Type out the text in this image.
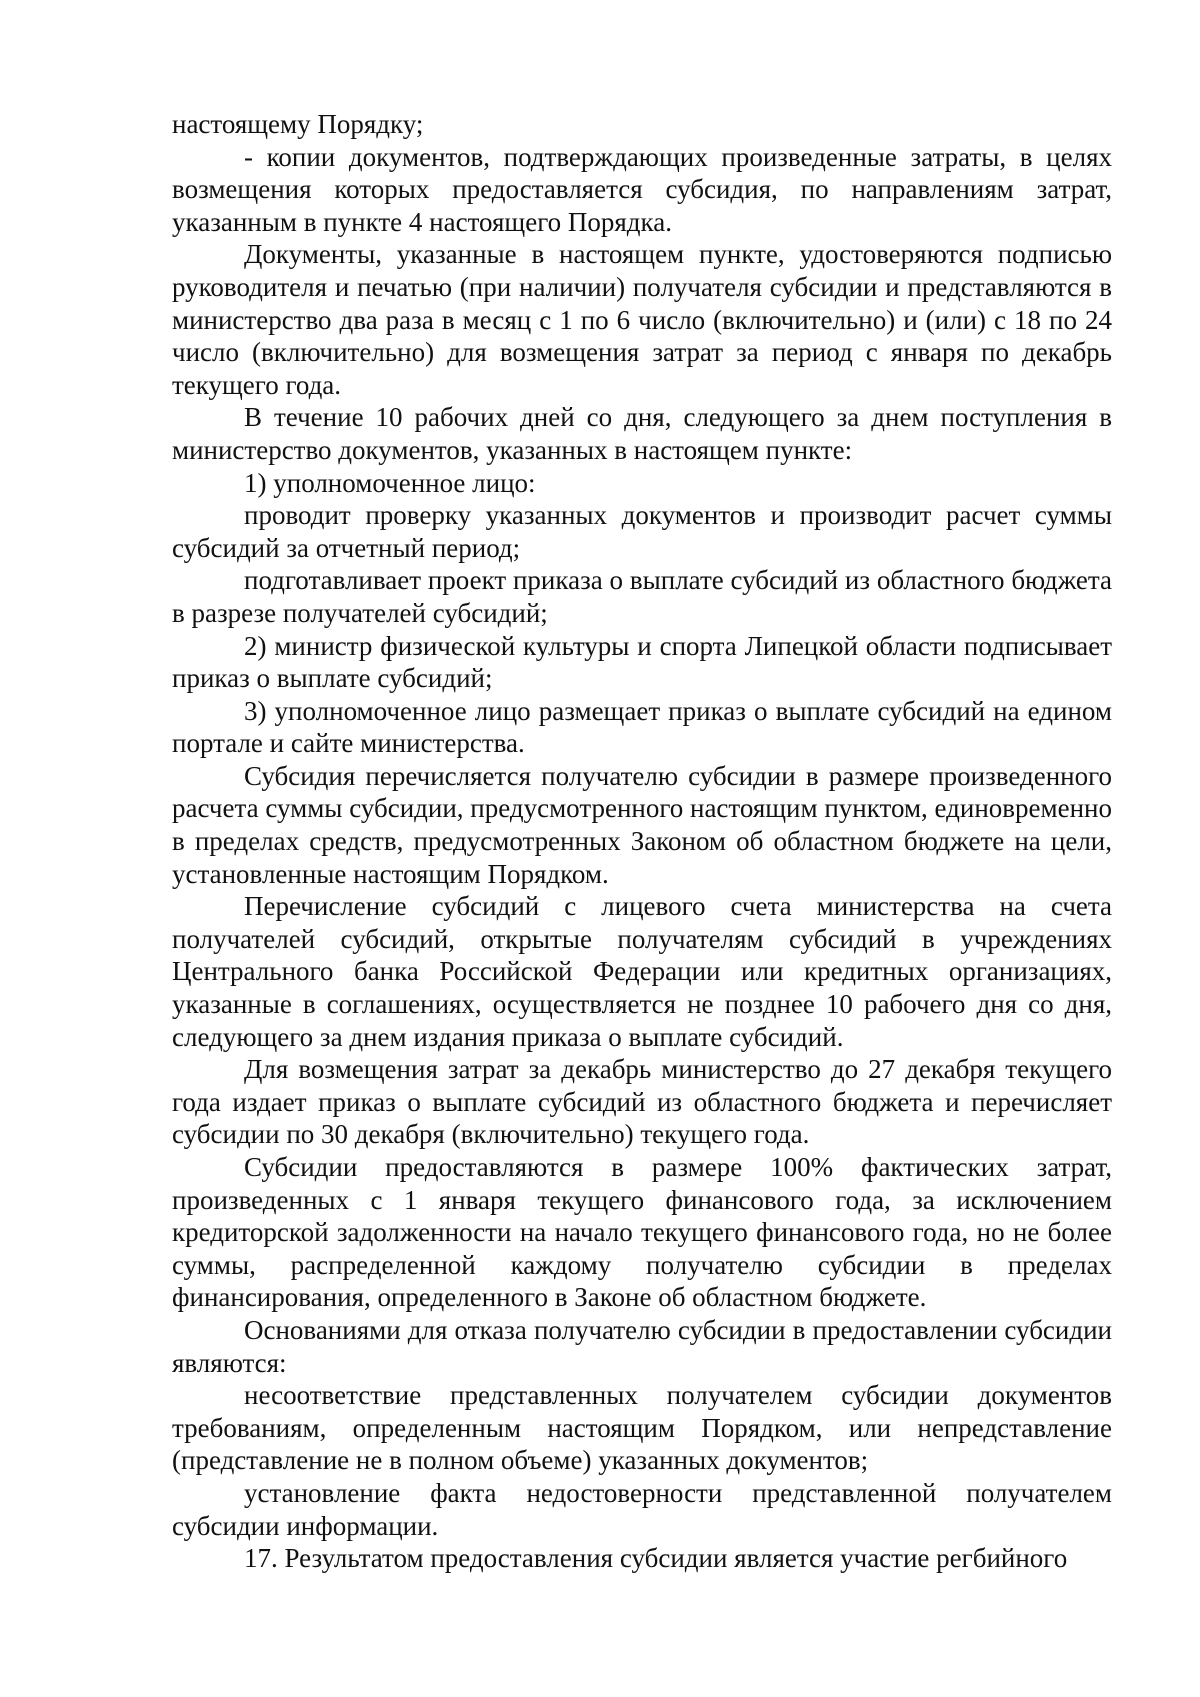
настоящему Порядку;

- копии документов, подтверждающих произведенные затраты, в целях возмещения которых предоставляется субсидия, по направлениям затрат, указанным в пункте 4 настоящего Порядка.

Документы, указанные в настоящем пункте, удостоверяются подписью руководителя и печатью (при наличии) получателя субсидии и представляются в министерство два раза в месяц с 1 по 6 число (включительно) и (или) с 18 по 24 число (включительно) для возмещения затрат за период с января по декабрь текущего года.

В течение 10 рабочих дней со дня, следующего за днем поступления в министерство документов, указанных в настоящем пункте:

1) уполномоченное лицо:

проводит проверку указанных документов и производит расчет суммы субсидий за отчетный период;

подготавливает проект приказа о выплате субсидий из областного бюджета в разрезе получателей субсидий;

2) министр физической культуры и спорта Липецкой области подписывает приказ о выплате субсидий;

3) уполномоченное лицо размещает приказ о выплате субсидий на едином портале и сайте министерства.

Субсидия перечисляется получателю субсидии в размере произведенного расчета суммы субсидии, предусмотренного настоящим пунктом, единовременно в пределах средств, предусмотренных Законом об областном бюджете на цели, установленные настоящим Порядком.

Перечисление субсидий с лицевого счета министерства на счета получателей субсидий, открытые получателям субсидий в учреждениях Центрального банка Российской Федерации или кредитных организациях, указанные в соглашениях, осуществляется не позднее 10 рабочего дня со дня, следующего за днем издания приказа о выплате субсидий.

Для возмещения затрат за декабрь министерство до 27 декабря текущего года издает приказ о выплате субсидий из областного бюджета и перечисляет субсидии по 30 декабря (включительно) текущего года.

Субсидии предоставляются в размере 100% фактических затрат, произведенных с 1 января текущего финансового года, за исключением кредиторской задолженности на начало текущего финансового года, но не более суммы, распределенной каждому получателю субсидии в пределах финансирования, определенного в Законе об областном бюджете.

Основаниями для отказа получателю субсидии в предоставлении субсидии являются:

несоответствие представленных получателем субсидии документов требованиям, определенным настоящим Порядком, или непредставление (представление не в полном объеме) указанных документов;

установление факта недостоверности представленной получателем субсидии информации.

17. Результатом предоставления субсидии является участие регбийного
